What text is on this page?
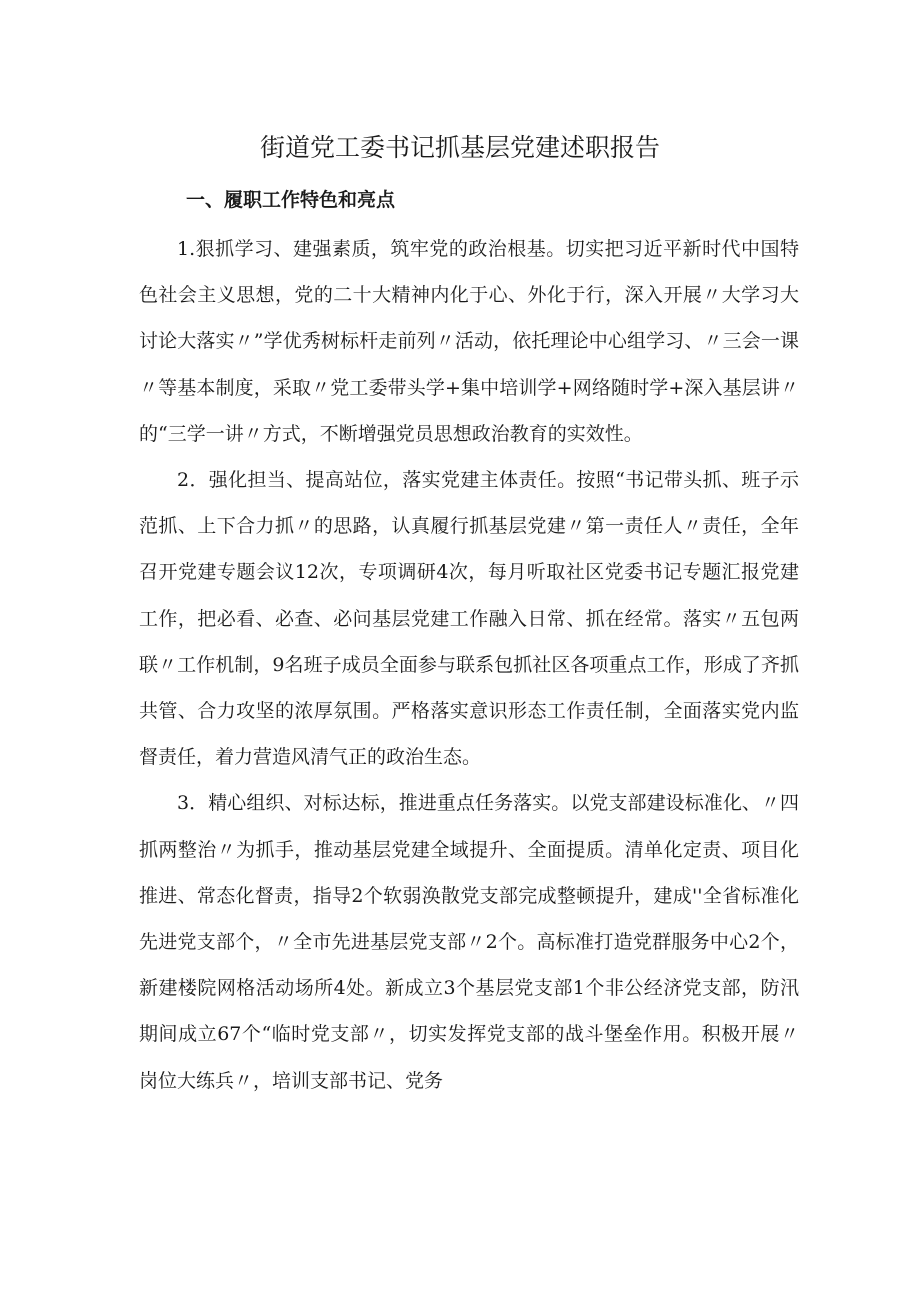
街道党工委书记抓基层党建述职报告
一、履职工作特色和亮点

1.狠抓学习、建强素质，筑牢党的政治根基。切实把习近平新时代中国特色社会主义思想，党的二十大精神内化于心、外化于行，深入开展〃大学习大讨论大落实〃”学优秀树标杆走前列〃活动，依托理论中心组学习、〃三会一课〃等基本制度，采取〃党工委带头学+集中培训学+网络随时学+深入基层讲〃的“三学一讲〃方式，不断增强党员思想政治教育的实效性。

2．强化担当、提高站位，落实党建主体责任。按照“书记带头抓、班子示范抓、上下合力抓〃的思路，认真履行抓基层党建〃第一责任人〃责任，全年召开党建专题会议12次，专项调研4次，每月听取社区党委书记专题汇报党建工作，把必看、必查、必问基层党建工作融入日常、抓在经常。落实〃五包两联〃工作机制，9名班子成员全面参与联系包抓社区各项重点工作，形成了齐抓共管、合力攻坚的浓厚氛围。严格落实意识形态工作责任制，全面落实党内监督责任，着力营造风清气正的政治生态。

3．精心组织、对标达标，推进重点任务落实。以党支部建设标准化、〃四抓两整治〃为抓手，推动基层党建全域提升、全面提质。清单化定责、项目化推进、常态化督责，指导2个软弱涣散党支部完成整顿提升，建成''全省标准化先进党支部个，〃全市先进基层党支部〃2个。高标准打造党群服务中心2个，新建楼院网格活动场所4处。新成立3个基层党支部1个非公经济党支部，防汛期间成立67个“临时党支部〃，切实发挥党支部的战斗堡垒作用。积极开展〃岗位大练兵〃，培训支部书记、党务
